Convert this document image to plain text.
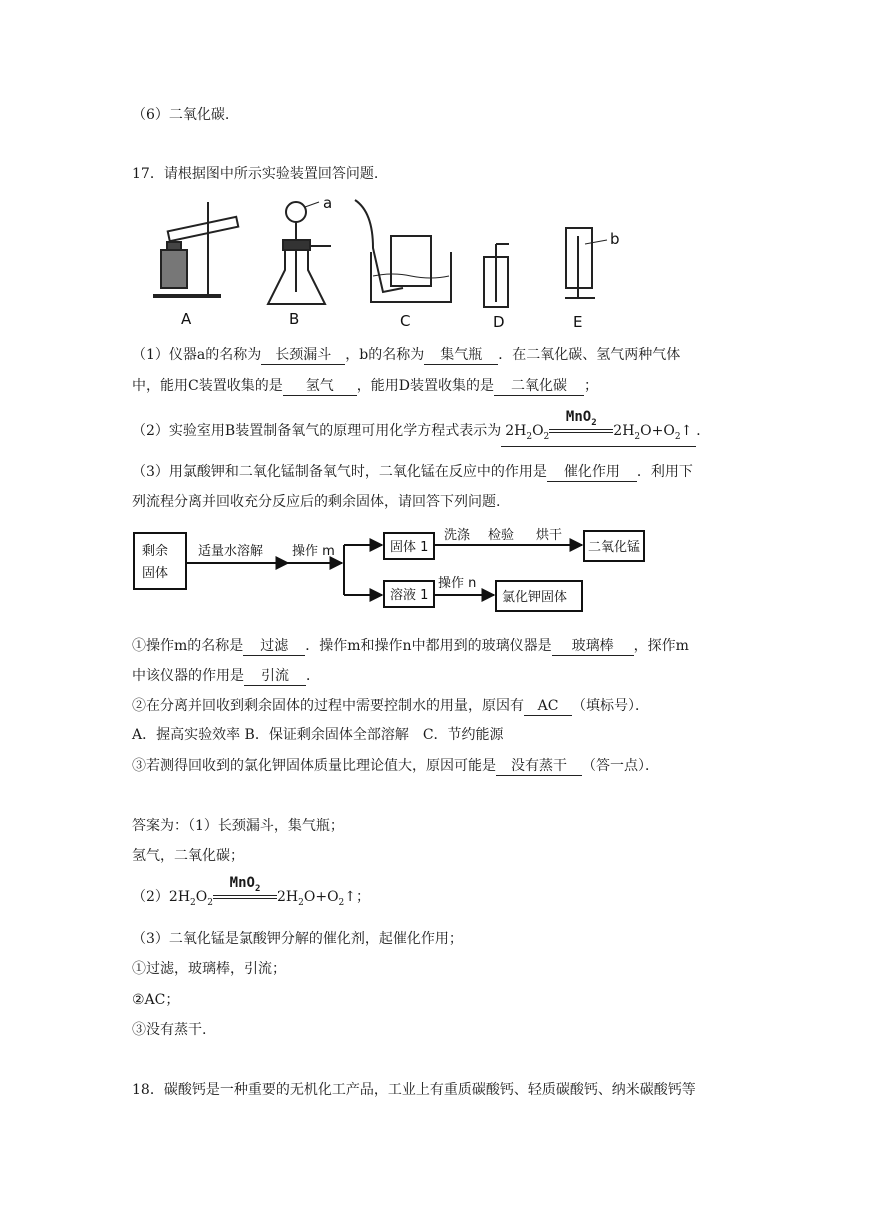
（6）二氧化碳.
17．请根据图中所示实验装置回答问题.
A	B	C	D	E
a
b
（1）仪器a的名称为 长颈漏斗 ，b的名称为 集气瓶 ．在二氧化碳、氢气两种气体
中，能用C装置收集的是 氢气 ，能用D装置收集的是 二氧化碳 ；
（2）实验室用B装置制备氧气的原理可用化学方程式表示为 $2H_2O_2$
MnO$_2$
$2H_2O+O_2↑$ ．
（3）用氯酸钾和二氧化锰制备氧气时，二氧化锰在反应中的作用是 催化作用 ．利用下
列流程分离并回收充分反应后的剩余固体，请回答下列问题.
剩余
固体
适量水溶解 操作 m	固体 1
洗涤 检验 烘干
二氧化锰
溶液 1
操作 n
氯化钾固体
①操作m的名称是 过滤 ．操作m和操作n中都用到的玻璃仪器是 玻璃棒 ，探作m
中该仪器的作用是 引流 ．
②在分离并回收到剩余固体的过程中需要控制水的用量，原因有 AC （填标号）．
A．握高实验效率 B．保证剩余固体全部溶解　C．节约能源
③若测得回收到的氯化钾固体质量比理论值大，原因可能是 没有蒸干 （答一点）．
答案为：（1）长颈漏斗，集气瓶；
氢气，二氧化碳；
$(2)2H_2O_2$
MnO$_2$
$2H_2O+O_2↑$；
（3）二氧化锰是氯酸钾分解的催化剂，起催化作用；
①过滤，玻璃棒，引流；
②AC；
③没有蒸干.
18．碳酸钙是一种重要的无机化工产品，工业上有重质碳酸钙、轻质碳酸钙、纳米碳酸钙等
